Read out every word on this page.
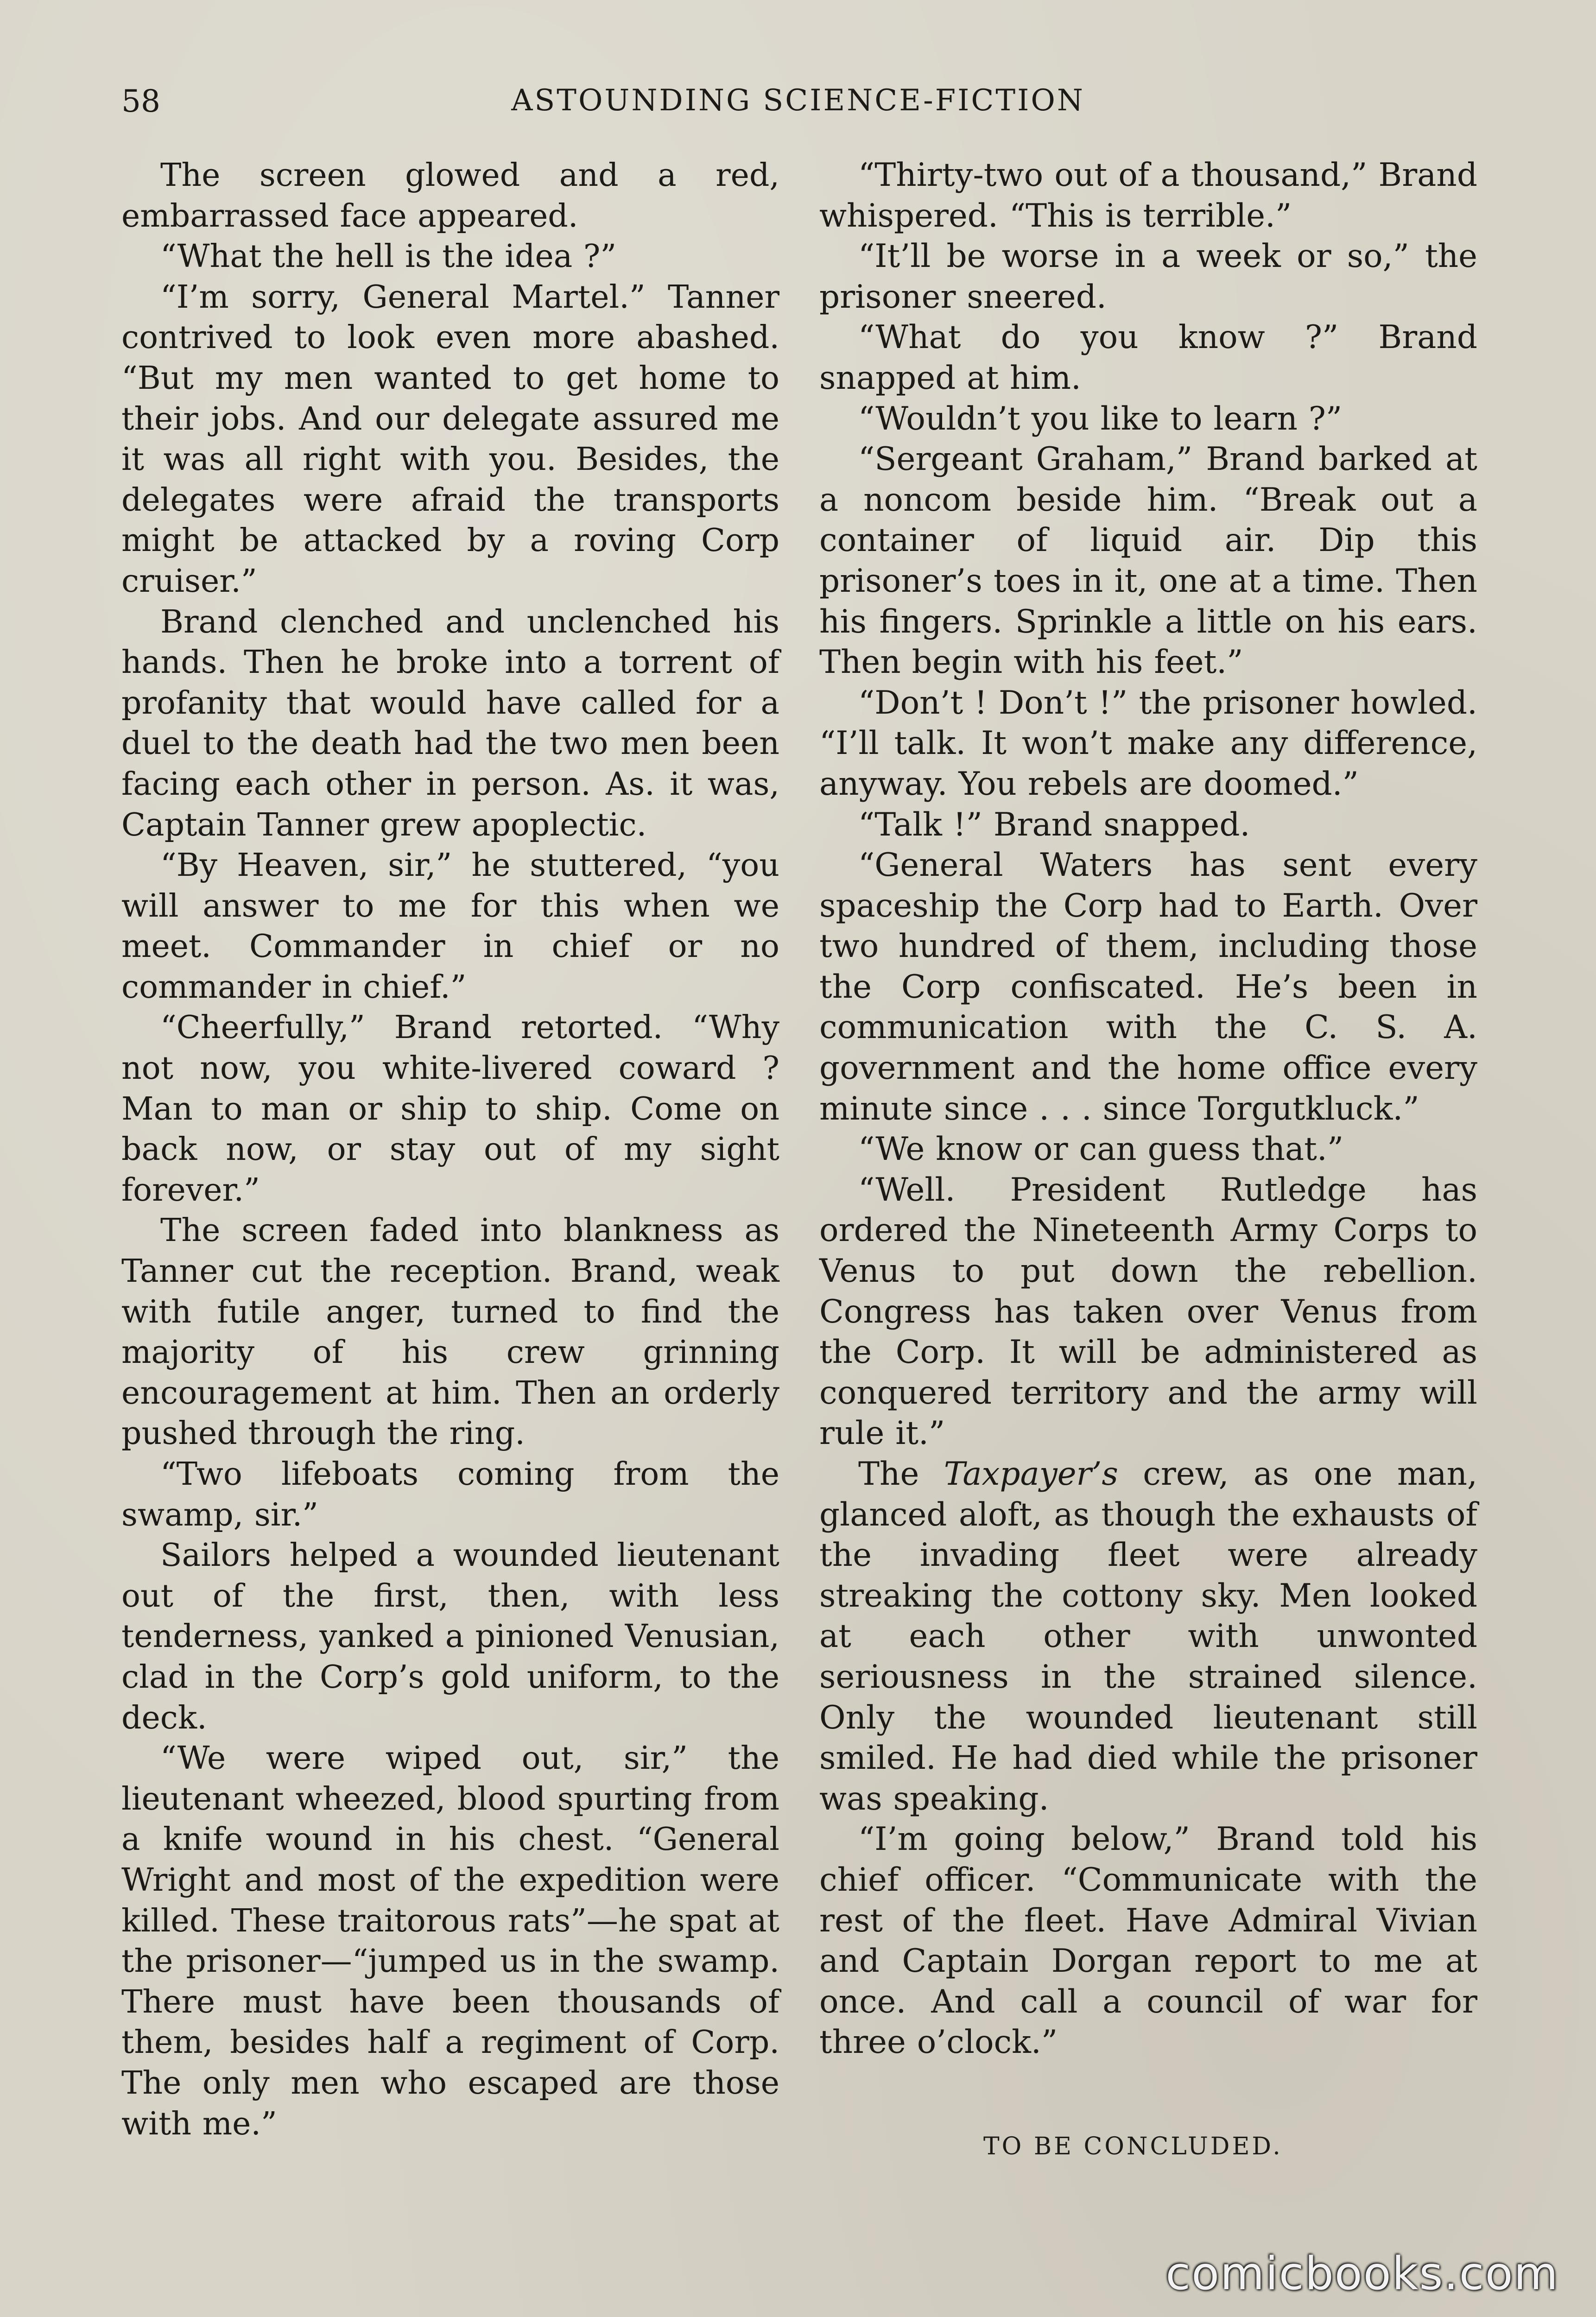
58	ASTOUNDING SCIENCE-FICTION

The screen glowed and a red, embarrassed face appeared.

“What the hell is the idea ?”

“I’m sorry, General Martel.” Tanner contrived to look even more abashed. “But my men wanted to get home to their jobs. And our delegate assured me it was all right with you. Besides, the delegates were afraid the transports might be attacked by a roving Corp cruiser.”

Brand clenched and unclenched his hands. Then he broke into a torrent of profanity that would have called for a duel to the death had the two men been facing each other in person. As. it was, Captain Tanner grew apoplectic.

“By Heaven, sir,” he stuttered, “you will answer to me for this when we meet. Commander in chief or no commander in chief.”

“Cheerfully,” Brand retorted. “Why not now, you white-livered coward ? Man to man or ship to ship. Come on back now, or stay out of my sight forever.”

The screen faded into blankness as Tanner cut the reception. Brand, weak with futile anger, turned to find the majority of his crew grinning encouragement at him. Then an orderly pushed through the ring.

“Two lifeboats coming from the swamp, sir.”

Sailors helped a wounded lieutenant out of the first, then, with less tenderness, yanked a pinioned Venusian, clad in the Corp’s gold uniform, to the deck.

“We were wiped out, sir,” the lieutenant wheezed, blood spurting from a knife wound in his chest. “General Wright and most of the expedition were killed. These traitorous rats”—he spat at the prisoner—“jumped us in the swamp. There must have been thousands of them, besides half a regiment of Corp. The only men who escaped are those with me.”

“Thirty-two out of a thousand,” Brand whispered. “This is terrible.”

“It’ll be worse in a week or so,” the prisoner sneered.

“What do you know ?” Brand snapped at him.

“Wouldn’t you like to learn ?”

“Sergeant Graham,” Brand barked at a noncom beside him. “Break out a container of liquid air. Dip this prisoner’s toes in it, one at a time. Then his fingers. Sprinkle a little on his ears. Then begin with his feet.”

“Don’t ! Don’t !” the prisoner howled. “I’ll talk. It won’t make any difference, anyway. You rebels are doomed.”

“Talk !” Brand snapped.

“General Waters has sent every spaceship the Corp had to Earth. Over two hundred of them, including those the Corp confiscated. He’s been in communication with the C. S. A. government and the home office every minute since . . . since Torgutkluck.”

“We know or can guess that.”

“Well. President Rutledge has ordered the Nineteenth Army Corps to Venus to put down the rebellion. Congress has taken over Venus from the Corp. It will be administered as conquered territory and the army will rule it.”

The Taxpayer’s crew, as one man, glanced aloft, as though the exhausts of the invading fleet were already streaking the cottony sky. Men looked at each other with unwonted seriousness in the strained silence. Only the wounded lieutenant still smiled. He had died while the prisoner was speaking.

“I’m going below,” Brand told his chief officer. “Communicate with the rest of the fleet. Have Admiral Vivian and Captain Dorgan report to me at once. And call a council of war for three o’clock.”

TO BE CONCLUDED.
comicbooks.com
